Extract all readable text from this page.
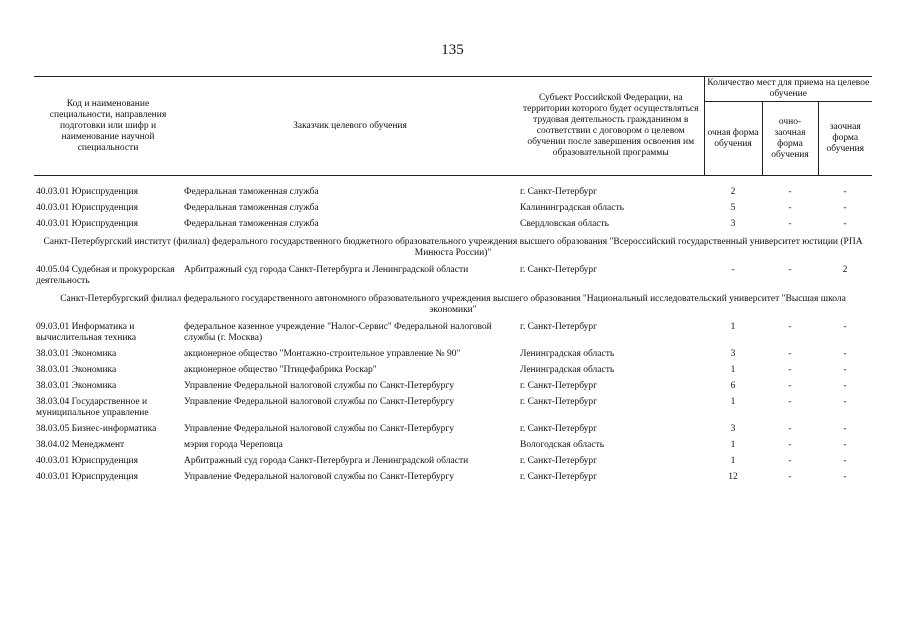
135
Код и наименование специальности, направления подготовки или шифр и наименование научной специальности	Заказчик целевого обучения	Субъект Российской Федерации, на территории которого будет осуществляться трудовая деятельность гражданином в соответствии с договором о целевом обучении после завершения освоения им образовательной программы	Количество мест для приема на целевое обучение		
			очная форма обучения	очно-заочная форма обучения	заочная форма обучения

40.03.01 Юриспруденция	Федеральная таможенная служба	г. Санкт-Петербург	2	-	-
40.03.01 Юриспруденция	Федеральная таможенная служба	Калининградская область	5	-	-
40.03.01 Юриспруденция	Федеральная таможенная служба	Свердловская область	3	-	-
Санкт-Петербургский институт (филиал) федерального государственного бюджетного образовательного учреждения высшего образования "Всероссийский государственный университет юстиции (РПА Минюста России)"					
40.05.04 Судебная и прокурорская деятельность	Арбитражный суд города Санкт-Петербурга и Ленинградской области	г. Санкт-Петербург	-	-	2
Санкт-Петербургский филиал федерального государственного автономного образовательного учреждения высшего образования "Национальный исследовательский университет "Высшая школа экономики"					
09.03.01 Информатика и вычислительная техника	федеральное казенное учреждение "Налог-Сервис" Федеральной налоговой службы (г. Москва)	г. Санкт-Петербург	1	-	-
38.03.01 Экономика	акционерное общество "Монтажно-строительное управление № 90"	Ленинградская область	3	-	-
38.03.01 Экономика	акционерное общество "Птицефабрика Роскар"	Ленинградская область	1	-	-
38.03.01 Экономика	Управление Федеральной налоговой службы по Санкт-Петербургу	г. Санкт-Петербург	6	-	-
38.03.04 Государственное и муниципальное управление	Управление Федеральной налоговой службы по Санкт-Петербургу	г. Санкт-Петербург	1	-	-
38.03.05 Бизнес-информатика	Управление Федеральной налоговой службы по Санкт-Петербургу	г. Санкт-Петербург	3	-	-
38.04.02 Менеджмент	мэрия города Череповца	Вологодская область	1	-	-
40.03.01 Юриспруденция	Арбитражный суд города Санкт-Петербурга и Ленинградской области	г. Санкт-Петербург	1	-	-
40.03.01 Юриспруденция	Управление Федеральной налоговой службы по Санкт-Петербургу	г. Санкт-Петербург	12	-	-
